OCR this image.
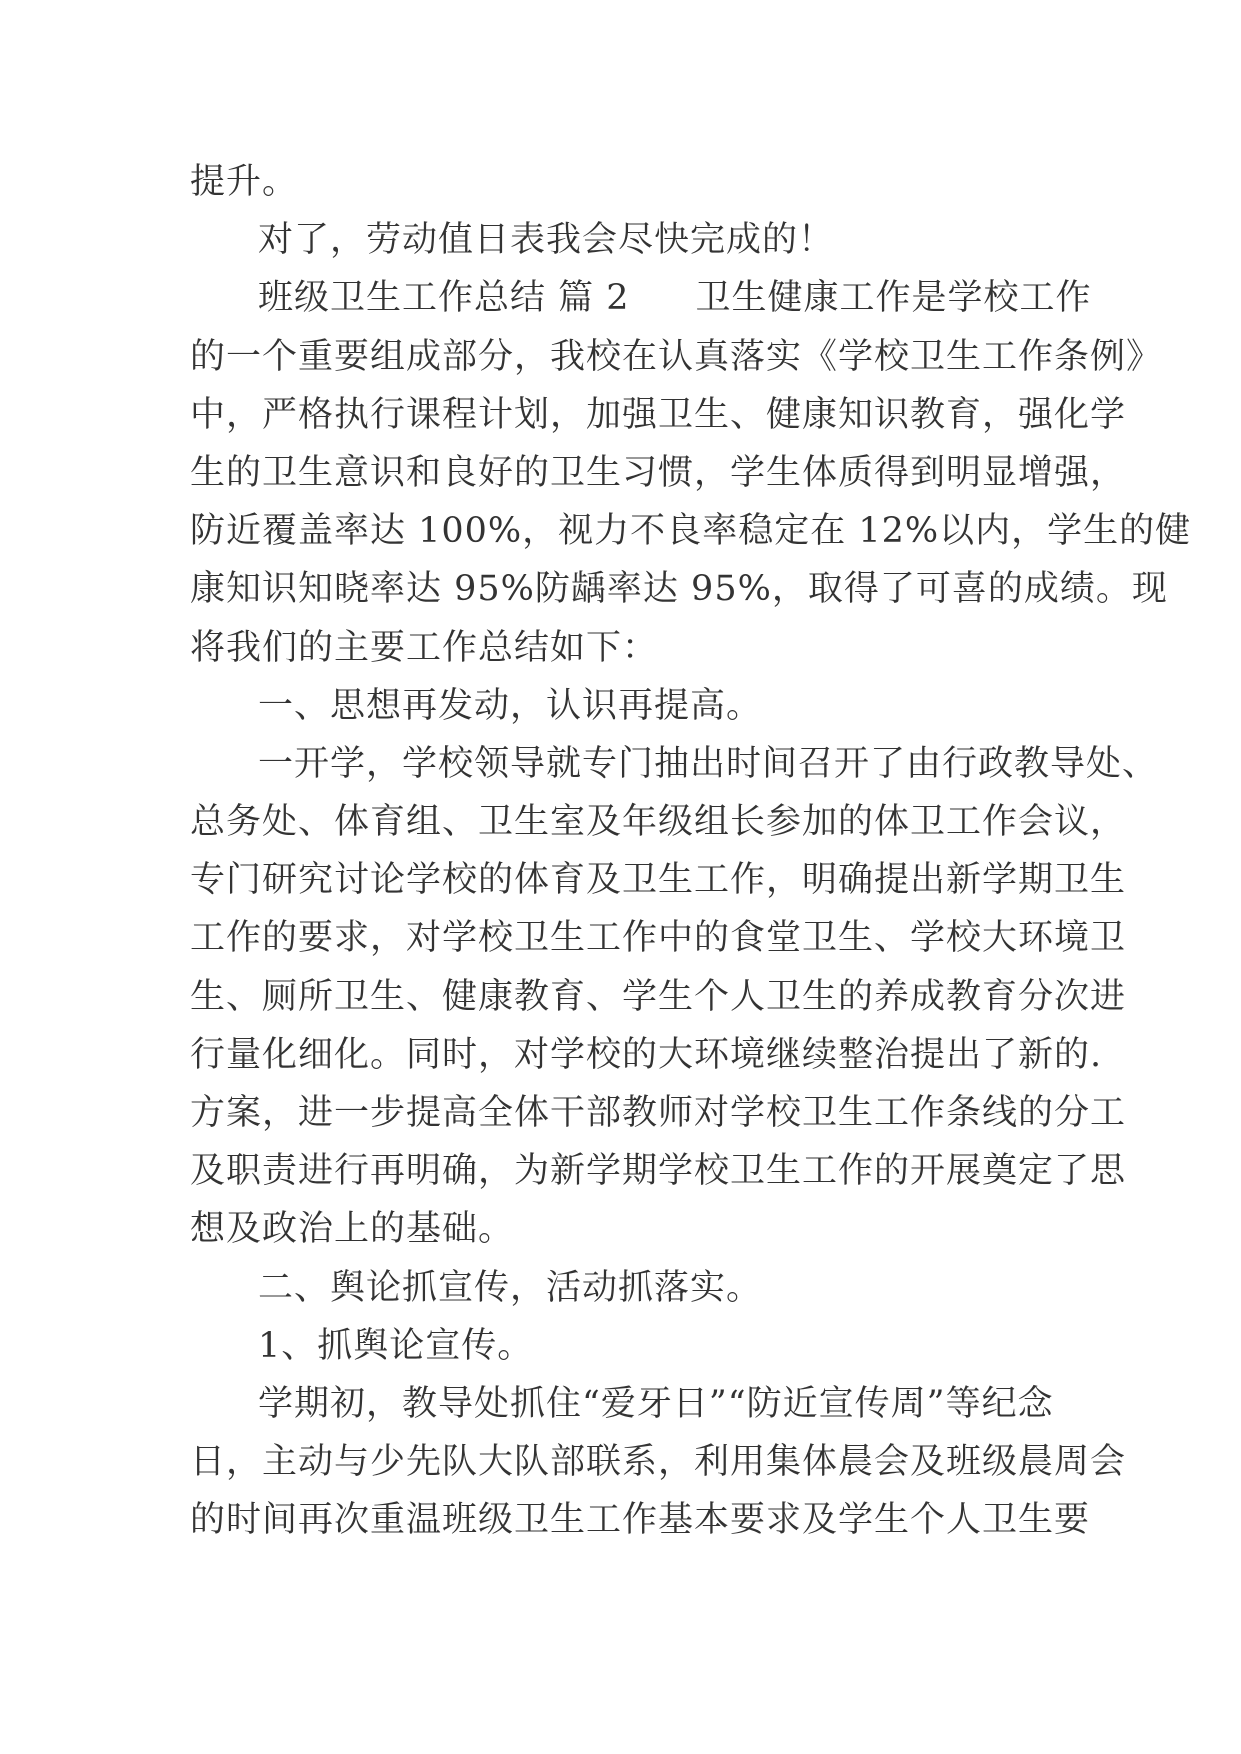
提升。
对了，劳动值日表我会尽快完成的！
班级卫生工作总结 篇 2 卫生健康工作是学校工作
的一个重要组成部分，我校在认真落实《学校卫生工作条例》
中，严格执行课程计划，加强卫生、健康知识教育，强化学
生的卫生意识和良好的卫生习惯，学生体质得到明显增强，
防近覆盖率达 100%，视力不良率稳定在 12%以内，学生的健
康知识知晓率达 95%防龋率达 95%，取得了可喜的成绩。现
将我们的主要工作总结如下：
一、思想再发动，认识再提高。
一开学，学校领导就专门抽出时间召开了由行政教导处、
总务处、体育组、卫生室及年级组长参加的体卫工作会议，
专门研究讨论学校的体育及卫生工作，明确提出新学期卫生
工作的要求，对学校卫生工作中的食堂卫生、学校大环境卫
生、厕所卫生、健康教育、学生个人卫生的养成教育分次进
行量化细化。同时，对学校的大环境继续整治提出了新的.
方案，进一步提高全体干部教师对学校卫生工作条线的分工
及职责进行再明确，为新学期学校卫生工作的开展奠定了思
想及政治上的基础。
二、舆论抓宣传，活动抓落实。
1、抓舆论宣传。
学期初，教导处抓住“爱牙日”“防近宣传周”等纪念
日，主动与少先队大队部联系，利用集体晨会及班级晨周会
的时间再次重温班级卫生工作基本要求及学生个人卫生要
